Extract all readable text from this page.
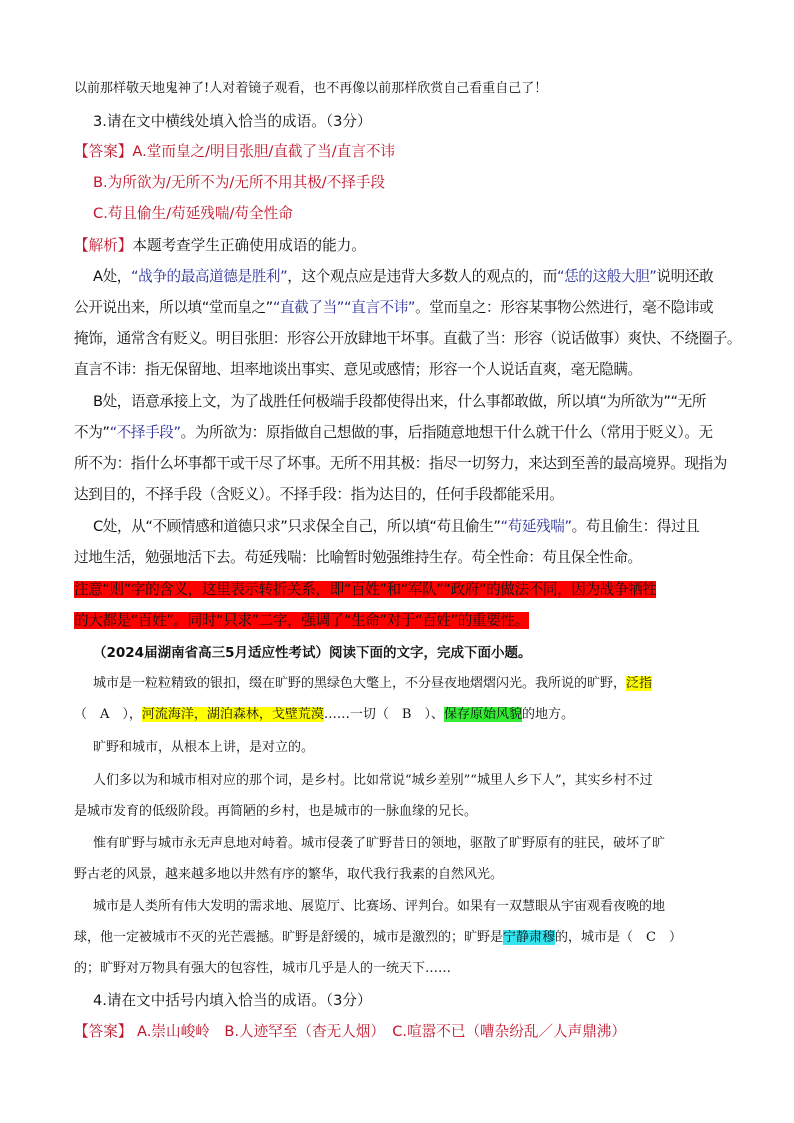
以前那样敬天地鬼神了!人对着镜子观看，也不再像以前那样欣赏自己看重自己了！
3.请在文中横线处填入恰当的成语。（3分）
【答案】A.堂而皇之/明目张胆/直截了当/直言不讳
B.为所欲为/无所不为/无所不用其极/不择手段
C.苟且偷生/苟延残喘/苟全性命
【解析】本题考查学生正确使用成语的能力。
A处，“战争的最高道德是胜利”，这个观点应是违背大多数人的观点的，而“恁的这般大胆”说明还敢
公开说出来，所以填“堂而皇之”“直截了当”“直言不讳”。堂而皇之：形容某事物公然进行，毫不隐讳或
掩饰，通常含有贬义。明目张胆：形容公开放肆地干坏事。直截了当：形容（说话做事）爽快、不绕圈子。
直言不讳：指无保留地、坦率地谈出事实、意见或感情；形容一个人说话直爽，毫无隐瞒。
B处，语意承接上文，为了战胜任何极端手段都使得出来，什么事都敢做，所以填“为所欲为”“无所
不为”“不择手段”。为所欲为：原指做自己想做的事，后指随意地想干什么就干什么（常用于贬义）。无
所不为：指什么坏事都干或干尽了坏事。无所不用其极：指尽一切努力，来达到至善的最高境界。现指为
达到目的，不择手段（含贬义）。不择手段：指为达目的，任何手段都能采用。
C处，从“不顾情感和道德只求”只求保全自己，所以填“苟且偷生”“苟延残喘”。苟且偷生：得过且
过地生活，勉强地活下去。苟延残喘：比喻暂时勉强维持生存。苟全性命：苟且保全性命。
注意“则”字的含义，这里表示转折关系，即“百姓”和“军队”“政府”的做法不同，因为战争牺牲
的大都是“百姓”。同时“只求”二字，强调了“生命”对于“百姓”的重要性。
（2024届湖南省高三5月适应性考试）阅读下面的文字，完成下面小题。
城市是一粒粒精致的银扣，缀在旷野的黑绿色大氅上，不分昼夜地熠熠闪光。我所说的旷野，泛指
（　A　），河流海洋，湖泊森林，戈壁荒漠……一切（　B　）、保存原始风貌的地方。
旷野和城市，从根本上讲，是对立的。
人们多以为和城市相对应的那个词，是乡村。比如常说“城乡差别”“城里人乡下人”，其实乡村不过
是城市发育的低级阶段。再简陋的乡村，也是城市的一脉血缘的兄长。
惟有旷野与城市永无声息地对峙着。城市侵袭了旷野昔日的领地，驱散了旷野原有的驻民，破坏了旷
野古老的风景，越来越多地以井然有序的繁华，取代我行我素的自然风光。
城市是人类所有伟大发明的需求地、展览厅、比赛场、评判台。如果有一双慧眼从宇宙观看夜晚的地
球，他一定被城市不灭的光芒震撼。旷野是舒缓的，城市是激烈的；旷野是宁静肃穆的，城市是（　C　）
的；旷野对万物具有强大的包容性，城市几乎是人的一统天下……
4.请在文中括号内填入恰当的成语。（3分）
【答案】 A.崇山峻岭　B.人迹罕至（杳无人烟）　C.喧嚣不已（嘈杂纷乱／人声鼎沸）
